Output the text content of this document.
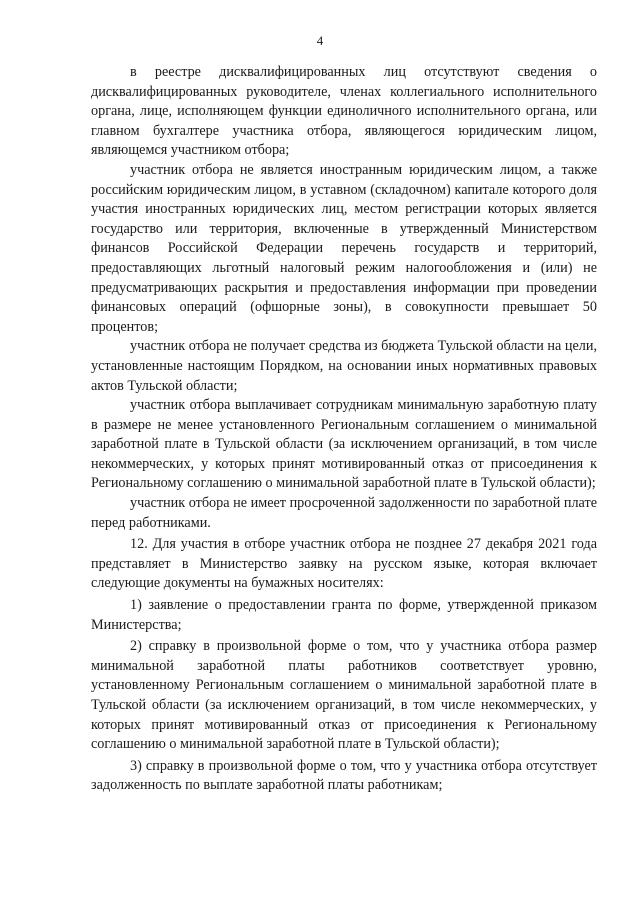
4

в реестре дисквалифицированных лиц отсутствуют сведения о дисквалифицированных руководителе, членах коллегиального исполнительного органа, лице, исполняющем функции единоличного исполнительного органа, или главном бухгалтере участника отбора, являющегося юридическим лицом, являющемся участником отбора;

участник отбора не является иностранным юридическим лицом, а также российским юридическим лицом, в уставном (складочном) капитале которого доля участия иностранных юридических лиц, местом регистрации которых является государство или территория, включенные в утвержденный Министерством финансов Российской Федерации перечень государств и территорий, предоставляющих льготный налоговый режим налогообложения и (или) не предусматривающих раскрытия и предоставления информации при проведении финансовых операций (офшорные зоны), в совокупности превышает 50 процентов;

участник отбора не получает средства из бюджета Тульской области на цели, установленные настоящим Порядком, на основании иных нормативных правовых актов Тульской области;

участник отбора выплачивает сотрудникам минимальную заработную плату в размере не менее установленного Региональным соглашением о минимальной заработной плате в Тульской области (за исключением организаций, в том числе некоммерческих, у которых принят мотивированный отказ от присоединения к Региональному соглашению о минимальной заработной плате в Тульской области);

участник отбора не имеет просроченной задолженности по заработной плате перед работниками.

12. Для участия в отборе участник отбора не позднее 27 декабря 2021 года представляет в Министерство заявку на русском языке, которая включает следующие документы на бумажных носителях:

1) заявление о предоставлении гранта по форме, утвержденной приказом Министерства;

2) справку в произвольной форме о том, что у участника отбора размер минимальной заработной платы работников соответствует уровню, установленному Региональным соглашением о минимальной заработной плате в Тульской области (за исключением организаций, в том числе некоммерческих, у которых принят мотивированный отказ от присоединения к Региональному соглашению о минимальной заработной плате в Тульской области);

3) справку в произвольной форме о том, что у участника отбора отсутствует задолженность по выплате заработной платы работникам;
